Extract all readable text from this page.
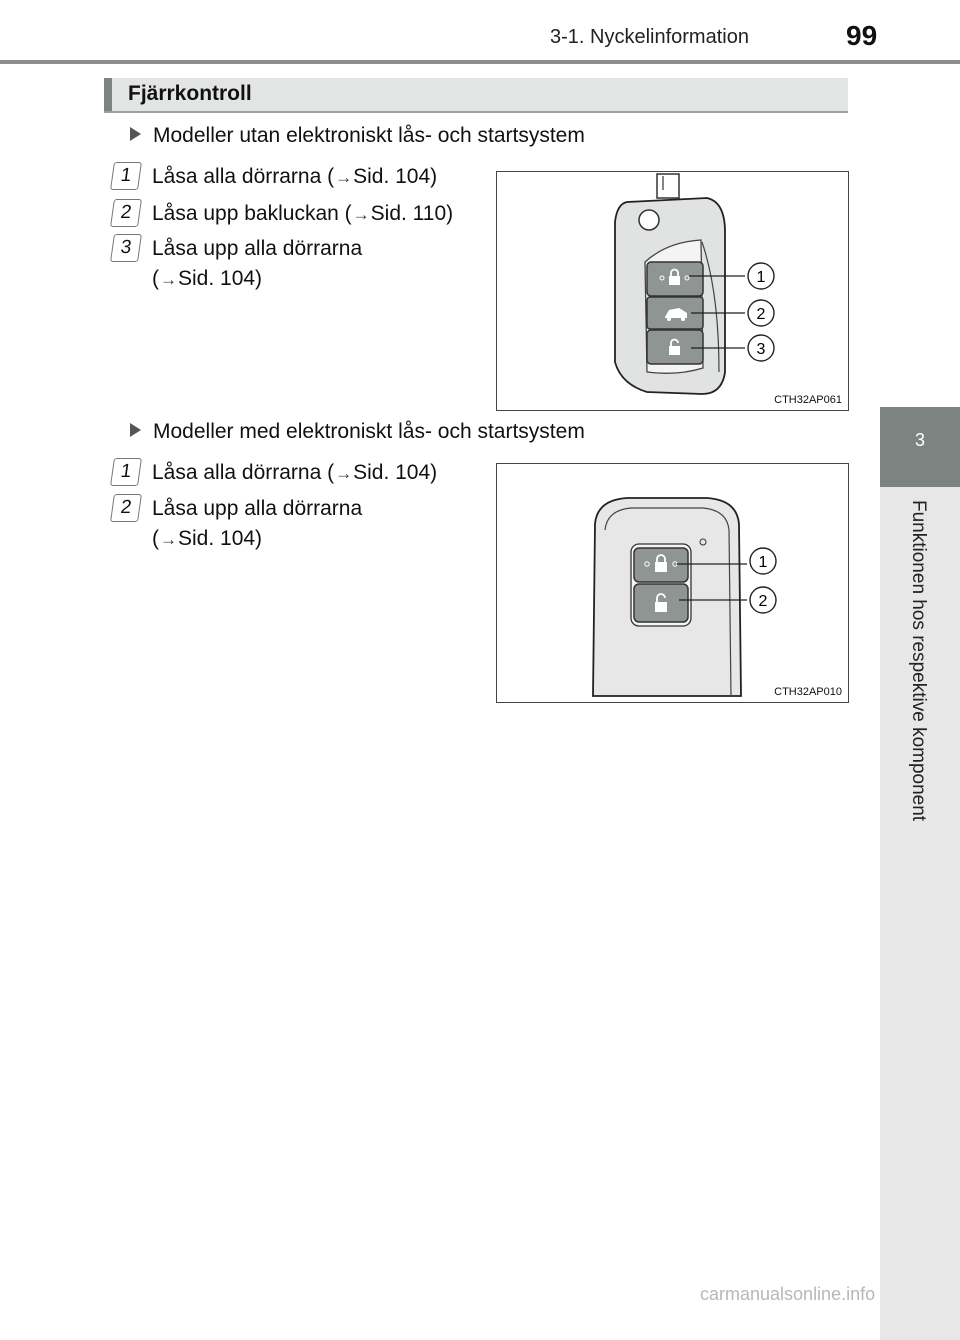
3-1. Nyckelinformation	99
3
Funktionen hos respektive komponent
Fjärrkontroll
Modeller utan elektroniskt lås- och startsystem
1 Låsa alla dörrarna (→Sid. 104)
2 Låsa upp bakluckan (→Sid. 110)
3 Låsa upp alla dörrarna
(→Sid. 104)	1
2
3
CTH32AP061
Modeller med elektroniskt lås- och startsystem
1 Låsa alla dörrarna (→Sid. 104)
2 Låsa upp alla dörrarna
(→Sid. 104)
1
2
CTH32AP010
carmanualsonline.info
